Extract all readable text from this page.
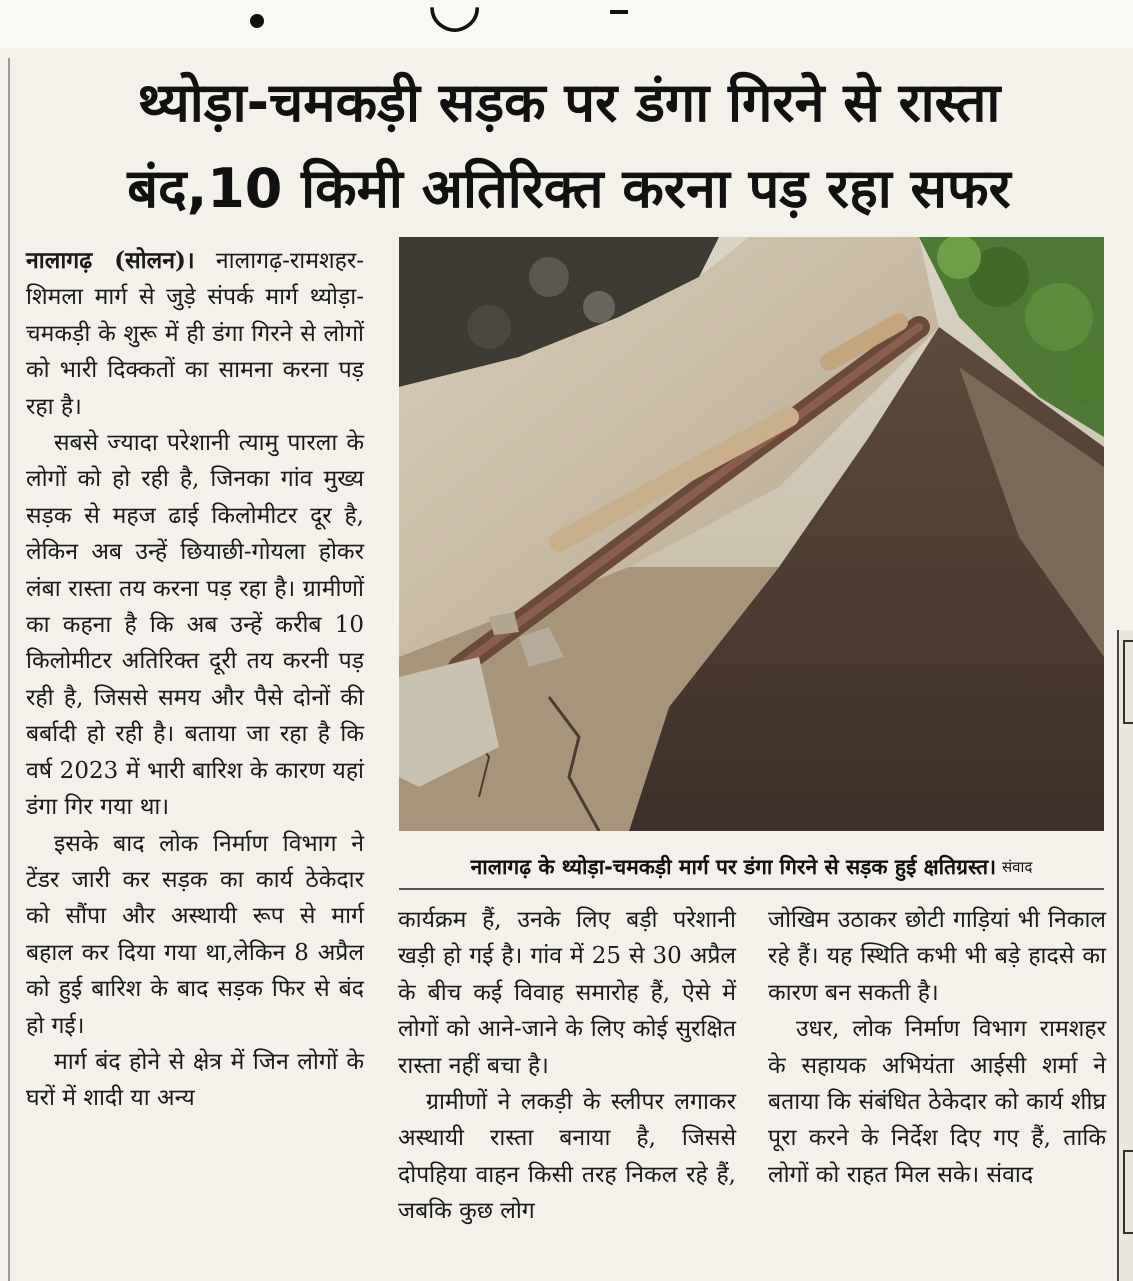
◡
थ्योड़ा-चमकड़ी सड़क पर डंगा गिरने से रास्ता
बंद,10 किमी अतिरिक्त करना पड़ रहा सफर

नालागढ़ (सोलन)। नालागढ़-रामशहर-शिमला मार्ग से जुड़े संपर्क मार्ग थ्योड़ा-चमकड़ी के शुरू में ही डंगा गिरने से लोगों को भारी दिक्कतों का सामना करना पड़ रहा है।

सबसे ज्यादा परेशानी त्यामु पारला के लोगों को हो रही है, जिनका गांव मुख्य सड़क से महज ढाई किलोमीटर दूर है, लेकिन अब उन्हें छियाछी-गोयला होकर लंबा रास्ता तय करना पड़ रहा है। ग्रामीणों का कहना है कि अब उन्हें करीब 10 किलोमीटर अतिरिक्त दूरी तय करनी पड़ रही है, जिससे समय और पैसे दोनों की बर्बादी हो रही है। बताया जा रहा है कि वर्ष 2023 में भारी बारिश के कारण यहां डंगा गिर गया था।

इसके बाद लोक निर्माण विभाग ने टेंडर जारी कर सड़क का कार्य ठेकेदार को सौंपा और अस्थायी रूप से मार्ग बहाल कर दिया गया था,लेकिन 8 अप्रैल को हुई बारिश के बाद सड़क फिर से बंद हो गई।

मार्ग बंद होने से क्षेत्र में जिन लोगों के घरों में शादी या अन्य

नालागढ़ के थ्योड़ा-चमकड़ी मार्ग पर डंगा गिरने से सड़क हुई क्षतिग्रस्त। संवाद

कार्यक्रम हैं, उनके लिए बड़ी परेशानी खड़ी हो गई है। गांव में 25 से 30 अप्रैल के बीच कई विवाह समारोह हैं, ऐसे में लोगों को आने-जाने के लिए कोई सुरक्षित रास्ता नहीं बचा है।

ग्रामीणों ने लकड़ी के स्लीपर लगाकर अस्थायी रास्ता बनाया है, जिससे दोपहिया वाहन किसी तरह निकल रहे हैं, जबकि कुछ लोग

जोखिम उठाकर छोटी गाड़ियां भी निकाल रहे हैं। यह स्थिति कभी भी बड़े हादसे का कारण बन सकती है।

उधर, लोक निर्माण विभाग रामशहर के सहायक अभियंता आईसी शर्मा ने बताया कि संबंधित ठेकेदार को कार्य शीघ्र पूरा करने के निर्देश दिए गए हैं, ताकि लोगों को राहत मिल सके। संवाद
